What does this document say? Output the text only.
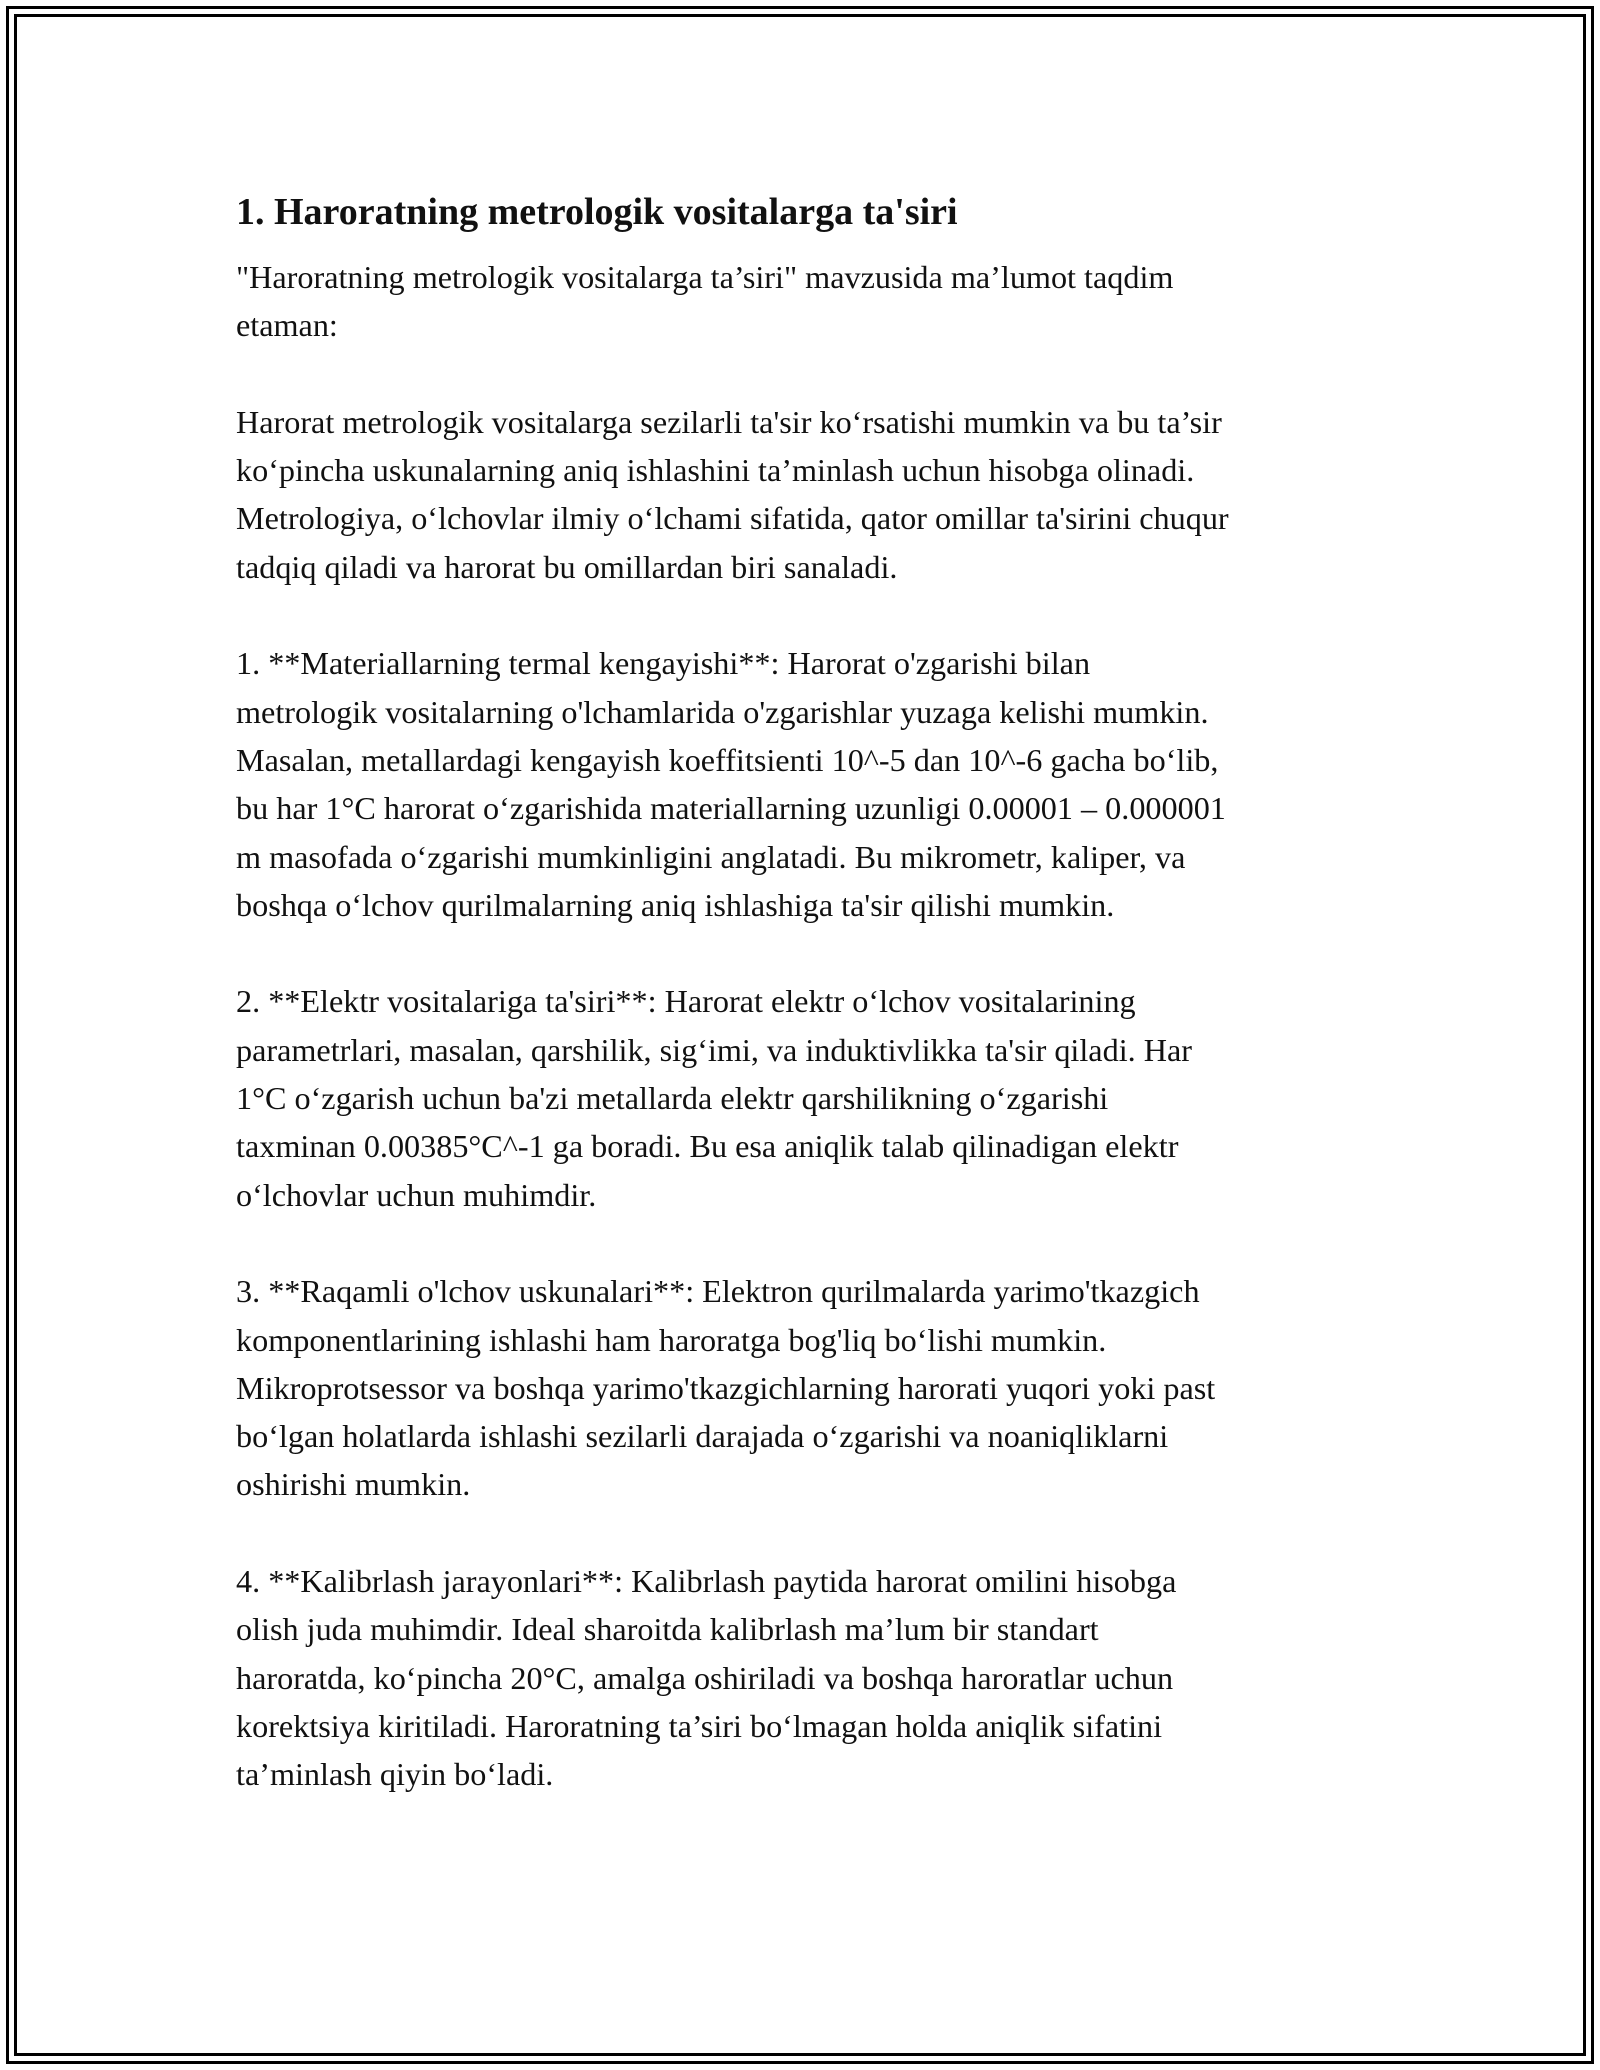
1. Haroratning metrologik vositalarga ta'siri

"Haroratning metrologik vositalarga ta’siri" mavzusida ma’lumot taqdim
etaman:

Harorat metrologik vositalarga sezilarli ta'sir ko‘rsatishi mumkin va bu ta’sir
ko‘pincha uskunalarning aniq ishlashini ta’minlash uchun hisobga olinadi.
Metrologiya, o‘lchovlar ilmiy o‘lchami sifatida, qator omillar ta'sirini chuqur
tadqiq qiladi va harorat bu omillardan biri sanaladi.

1. **Materiallarning termal kengayishi**: Harorat o'zgarishi bilan
metrologik vositalarning o'lchamlarida o'zgarishlar yuzaga kelishi mumkin.
Masalan, metallardagi kengayish koeffitsienti 10^-5 dan 10^-6 gacha bo‘lib,
bu har 1°C harorat o‘zgarishida materiallarning uzunligi 0.00001 – 0.000001
m masofada o‘zgarishi mumkinligini anglatadi. Bu mikrometr, kaliper, va
boshqa o‘lchov qurilmalarning aniq ishlashiga ta'sir qilishi mumkin.

2. **Elektr vositalariga ta'siri**: Harorat elektr o‘lchov vositalarining
parametrlari, masalan, qarshilik, sig‘imi, va induktivlikka ta'sir qiladi. Har
1°C o‘zgarish uchun ba'zi metallarda elektr qarshilikning o‘zgarishi
taxminan 0.00385°C^-1 ga boradi. Bu esa aniqlik talab qilinadigan elektr
o‘lchovlar uchun muhimdir.

3. **Raqamli o'lchov uskunalari**: Elektron qurilmalarda yarimo'tkazgich
komponentlarining ishlashi ham haroratga bog'liq bo‘lishi mumkin.
Mikroprotsessor va boshqa yarimo'tkazgichlarning harorati yuqori yoki past
bo‘lgan holatlarda ishlashi sezilarli darajada o‘zgarishi va noaniqliklarni
oshirishi mumkin.

4. **Kalibrlash jarayonlari**: Kalibrlash paytida harorat omilini hisobga
olish juda muhimdir. Ideal sharoitda kalibrlash ma’lum bir standart
haroratda, ko‘pincha 20°C, amalga oshiriladi va boshqa haroratlar uchun
korektsiya kiritiladi. Haroratning ta’siri bo‘lmagan holda aniqlik sifatini
ta’minlash qiyin bo‘ladi.
